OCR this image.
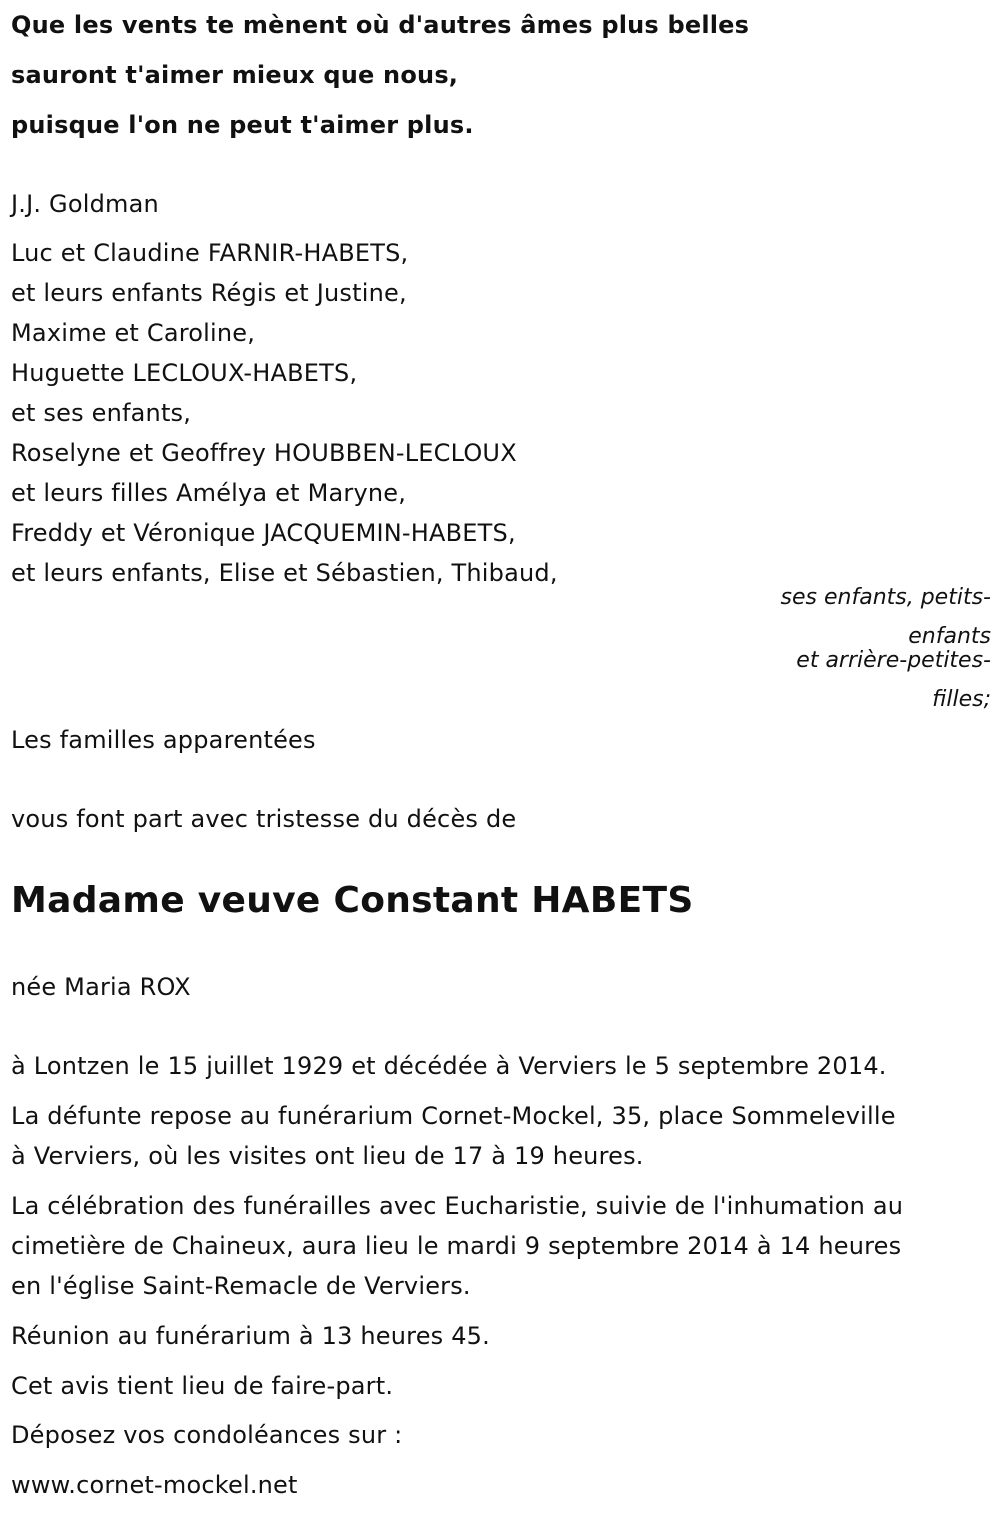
Que les vents te mènent où d'autres âmes plus belles
sauront t'aimer mieux que nous,
puisque l'on ne peut t'aimer plus.
J.J. Goldman
Luc et Claudine FARNIR-HABETS,
et leurs enfants Régis et Justine,
Maxime et Caroline,
Huguette LECLOUX-HABETS,
et ses enfants,
Roselyne et Geoffrey HOUBBEN-LECLOUX
et leurs filles Amélya et Maryne,
Freddy et Véronique JACQUEMIN-HABETS,
et leurs enfants, Elise et Sébastien, Thibaud,
ses enfants, petits-
enfants
et arrière-petites-
filles;
Les familles apparentées
vous font part avec tristesse du décès de
Madame veuve Constant HABETS
née Maria ROX
à Lontzen le 15 juillet 1929 et décédée à Verviers le 5 septembre 2014.
La défunte repose au funérarium Cornet-Mockel, 35, place Sommeleville
à Verviers, où les visites ont lieu de 17 à 19 heures.
La célébration des funérailles avec Eucharistie, suivie de l'inhumation au
cimetière de Chaineux, aura lieu le mardi 9 septembre 2014 à 14 heures
en l'église Saint-Remacle de Verviers.
Réunion au funérarium à 13 heures 45.
Cet avis tient lieu de faire-part.
Déposez vos condoléances sur :
www.cornet-mockel.net
